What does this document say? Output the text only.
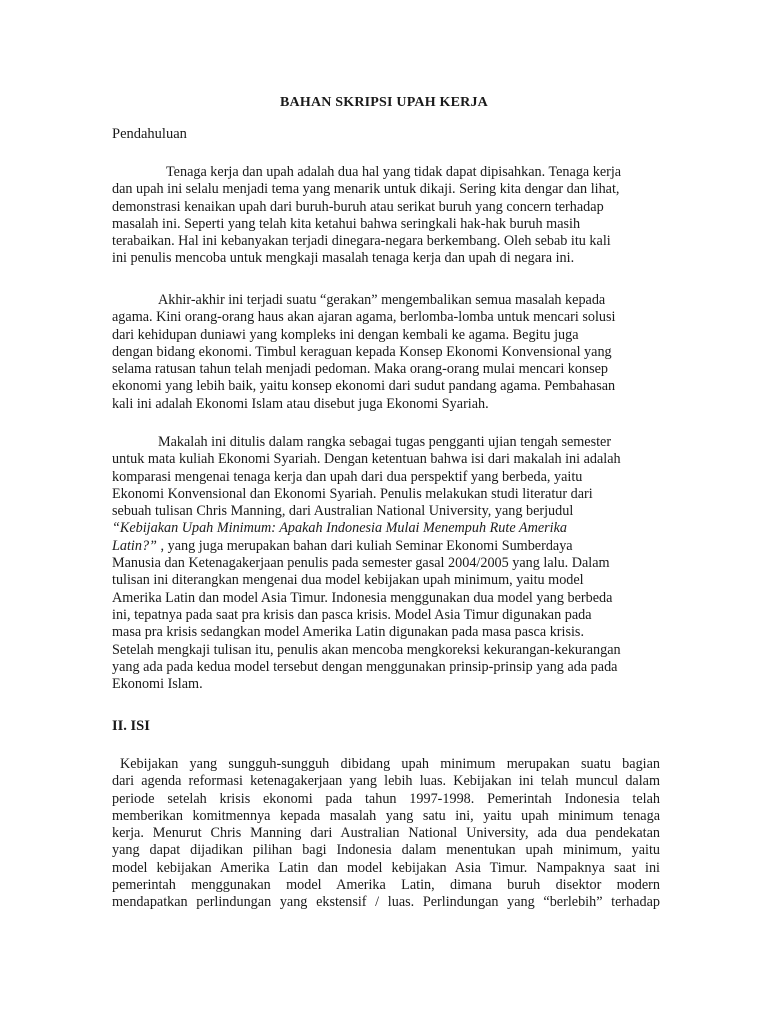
BAHAN SKRIPSI UPAH KERJA
Pendahuluan
Tenaga kerja dan upah adalah dua hal yang tidak dapat dipisahkan. Tenaga kerja
dan upah ini selalu menjadi tema yang menarik untuk dikaji. Sering kita dengar dan lihat,
demonstrasi kenaikan upah dari buruh-buruh atau serikat buruh yang concern terhadap
masalah ini. Seperti yang telah kita ketahui bahwa seringkali hak-hak buruh masih
terabaikan. Hal ini kebanyakan terjadi dinegara-negara berkembang. Oleh sebab itu kali
ini penulis mencoba untuk mengkaji masalah tenaga kerja dan upah di negara ini.
Akhir-akhir ini terjadi suatu “gerakan” mengembalikan semua masalah kepada
agama. Kini orang-orang haus akan ajaran agama, berlomba-lomba untuk mencari solusi
dari kehidupan duniawi yang kompleks ini dengan kembali ke agama. Begitu juga
dengan bidang ekonomi. Timbul keraguan kepada Konsep Ekonomi Konvensional yang
selama ratusan tahun telah menjadi pedoman. Maka orang-orang mulai mencari konsep
ekonomi yang lebih baik, yaitu konsep ekonomi dari sudut pandang agama. Pembahasan
kali ini adalah Ekonomi Islam atau disebut juga Ekonomi Syariah.
Makalah ini ditulis dalam rangka sebagai tugas pengganti ujian tengah semester
untuk mata kuliah Ekonomi Syariah. Dengan ketentuan bahwa isi dari makalah ini adalah
komparasi mengenai tenaga kerja dan upah dari dua perspektif yang berbeda, yaitu
Ekonomi Konvensional dan Ekonomi Syariah. Penulis melakukan studi literatur dari
sebuah tulisan Chris Manning, dari Australian National University, yang berjudul
“Kebijakan Upah Minimum: Apakah Indonesia Mulai Menempuh Rute Amerika
Latin?” , yang juga merupakan bahan dari kuliah Seminar Ekonomi Sumberdaya
Manusia dan Ketenagakerjaan penulis pada semester gasal 2004/2005 yang lalu. Dalam
tulisan ini diterangkan mengenai dua model kebijakan upah minimum, yaitu model
Amerika Latin dan model Asia Timur. Indonesia menggunakan dua model yang berbeda
ini, tepatnya pada saat pra krisis dan pasca krisis. Model Asia Timur digunakan pada
masa pra krisis sedangkan model Amerika Latin digunakan pada masa pasca krisis.
Setelah mengkaji tulisan itu, penulis akan mencoba mengkoreksi kekurangan-kekurangan
yang ada pada kedua model tersebut dengan menggunakan prinsip-prinsip yang ada pada
Ekonomi Islam.
II. ISI
Kebijakan yang sungguh-sungguh dibidang upah minimum merupakan suatu bagian
dari agenda reformasi ketenagakerjaan yang lebih luas. Kebijakan ini telah muncul dalam
periode setelah krisis ekonomi pada tahun 1997-1998. Pemerintah Indonesia telah
memberikan komitmennya kepada masalah yang satu ini, yaitu upah minimum tenaga
kerja. Menurut Chris Manning dari Australian National University, ada dua pendekatan
yang dapat dijadikan pilihan bagi Indonesia dalam menentukan upah minimum, yaitu
model kebijakan Amerika Latin dan model kebijakan Asia Timur. Nampaknya saat ini
pemerintah menggunakan model Amerika Latin, dimana buruh disektor modern
mendapatkan perlindungan yang ekstensif / luas. Perlindungan yang “berlebih” terhadap
